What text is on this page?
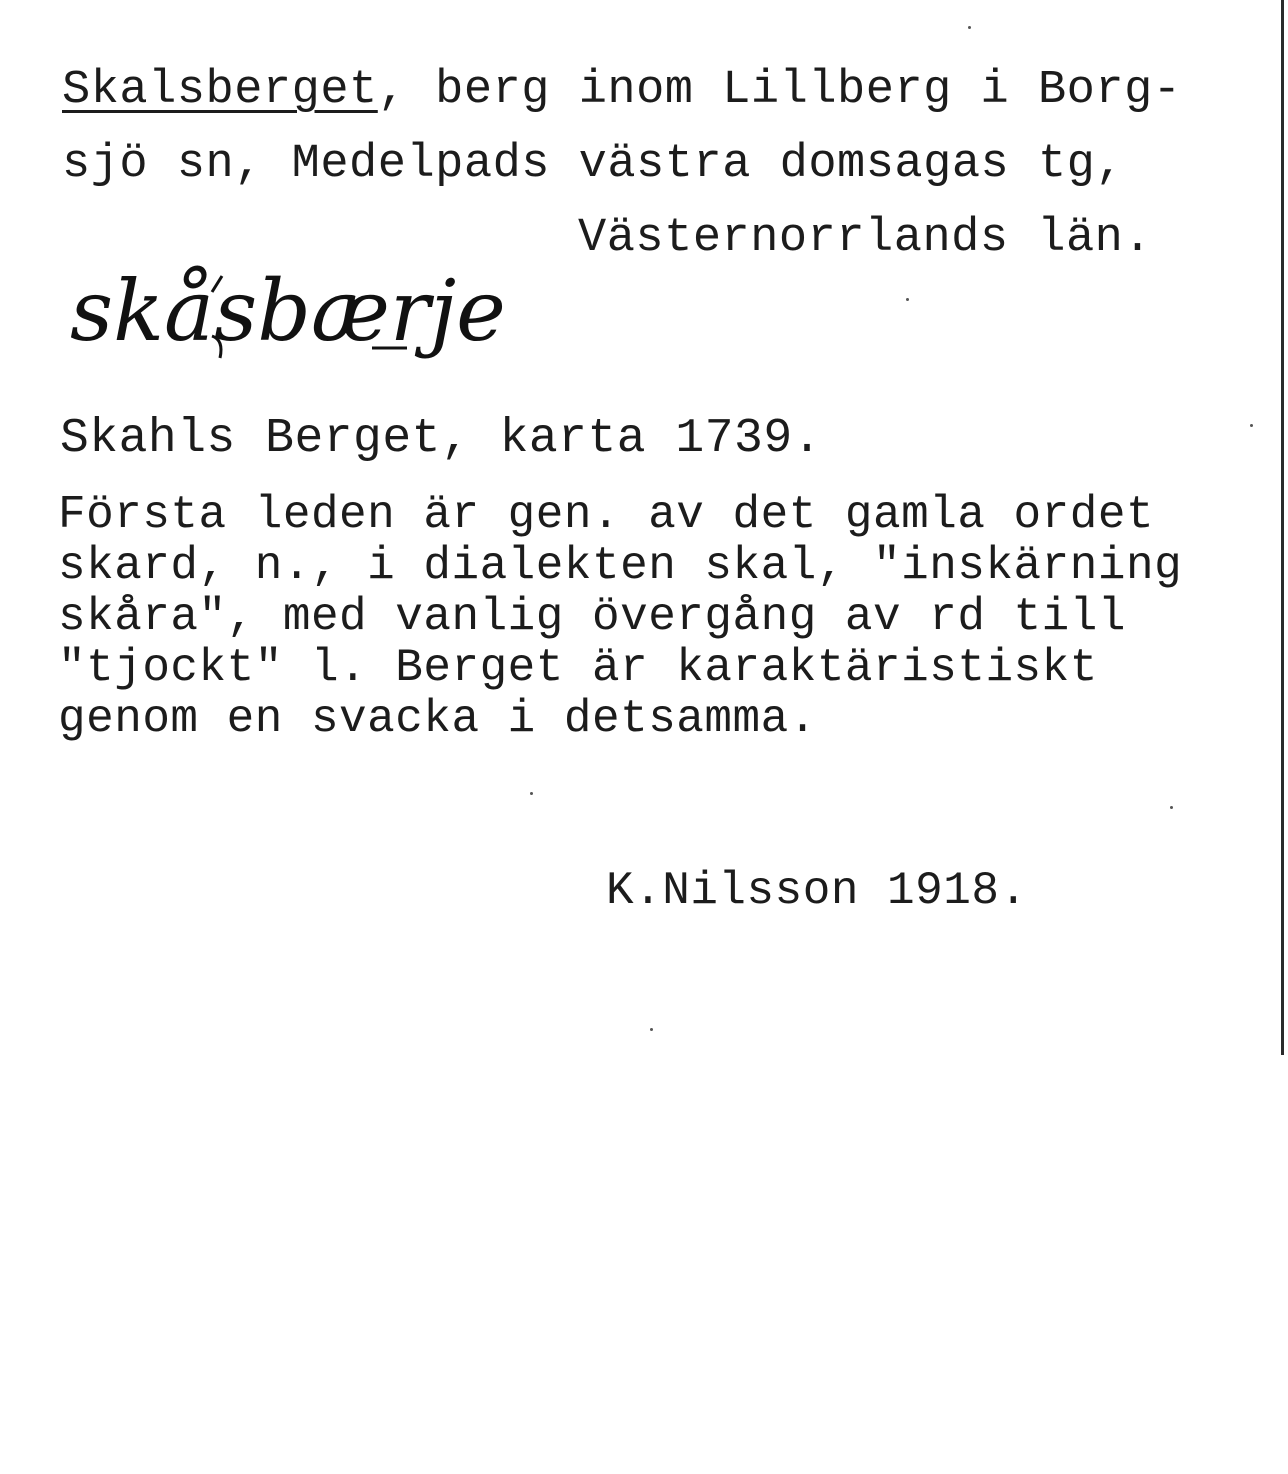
Skalsberget, berg inom Lillberg i Borg-
sjö sn, Medelpads västra domsagas tg,
Västernorrlands län.
skåsbærje
Skahls Berget, karta 1739.
Första leden är gen. av det gamla ordet
skard, n., i dialekten skal, "inskärning
skåra", med vanlig övergång av rd till
"tjockt" l. Berget är karaktäristiskt
genom en svacka i detsamma.
K.Nilsson 1918.
